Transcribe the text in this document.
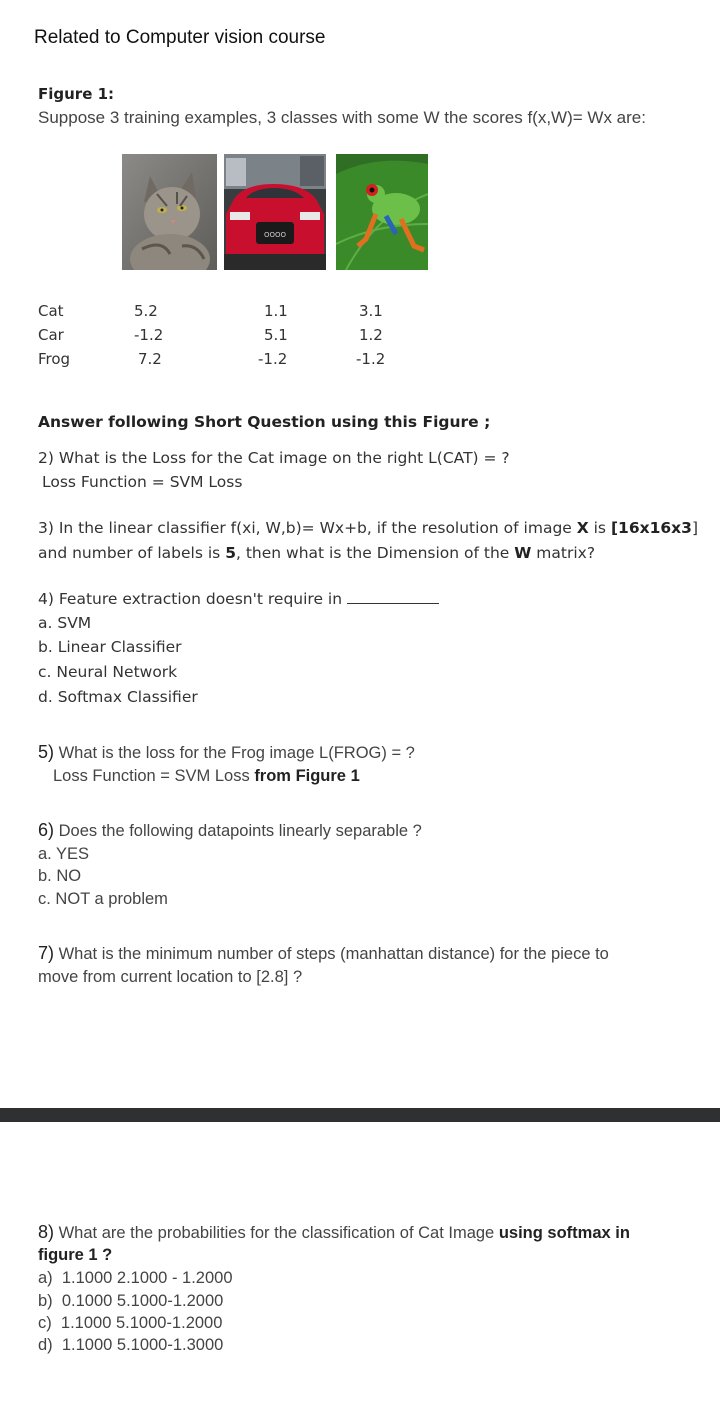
Related to Computer vision course
Figure 1:
Suppose 3 training examples, 3 classes with some W the scores f(x,W)= Wx are:
OOOO
Cat	5.2	1.1	3.1
Car	-1.2	5.1	1.2
Frog	7.2	-1.2	-1.2
Answer following Short Question using this Figure ;
2) What is the Loss for the Cat image on the right L(CAT) = ?
Loss Function = SVM Loss
3) In the linear classifier f(xi, W,b)= Wx+b, if the resolution of image X is [16x16x3]
and number of labels is 5, then what is the Dimension of the W matrix?
4) Feature extraction doesn't require in
a. SVM
b. Linear Classifier
c. Neural Network
d. Softmax Classifier
5) What is the loss for the Frog image L(FROG) = ?
Loss Function = SVM Loss from Figure 1
6) Does the following datapoints linearly separable ?
a. YES
b. NO
c. NOT a problem
7) What is the minimum number of steps (manhattan distance) for the piece to
move from current location to [2.8] ?
8) What are the probabilities for the classification of Cat Image using softmax in
figure 1 ?
a) 1.1000 2.1000 - 1.2000
b) 0.1000 5.1000-1.2000
c) 1.1000 5.1000-1.2000
d) 1.1000 5.1000-1.3000
